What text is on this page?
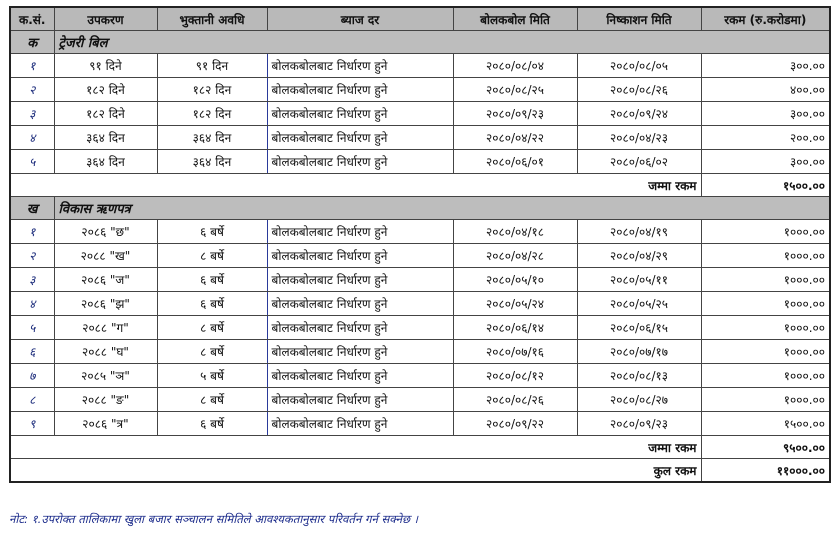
क.सं.	उपकरण	भुक्तानी अवधि	ब्याज दर	बोलकबोल मिति	निष्काशन मिति	रकम (रु.करोडमा)
क	ट्रेजरी बिल					
१	९१ दिने	९१ दिन	बोलकबोलबाट निर्धारण हुने	२०८०/०८/०४	२०८०/०८/०५	३००.००
२	१८२ दिने	१८२ दिन	बोलकबोलबाट निर्धारण हुने	२०८०/०८/२५	२०८०/०८/२६	४००.००
३	१८२ दिने	१८२ दिन	बोलकबोलबाट निर्धारण हुने	२०८०/०९/२३	२०८०/०९/२४	३००.००
४	३६४ दिन	३६४ दिन	बोलकबोलबाट निर्धारण हुने	२०८०/०४/२२	२०८०/०४/२३	२००.००
५	३६४ दिन	३६४ दिन	बोलकबोलबाट निर्धारण हुने	२०८०/०६/०१	२०८०/०६/०२	३००.००
जम्मा रकम						१५००.००
ख	विकास ऋणपत्र					
१	२०८६ "छ"	६ बर्षे	बोलकबोलबाट निर्धारण हुने	२०८०/०४/१८	२०८०/०४/१९	१०००.००
२	२०८८ "ख"	८ बर्षे	बोलकबोलबाट निर्धारण हुने	२०८०/०४/२८	२०८०/०४/२९	१०००.००
३	२०८६ "ज"	६ बर्षे	बोलकबोलबाट निर्धारण हुने	२०८०/०५/१०	२०८०/०५/११	१०००.००
४	२०८६ "झ"	६ बर्षे	बोलकबोलबाट निर्धारण हुने	२०८०/०५/२४	२०८०/०५/२५	१०००.००
५	२०८८ "ग"	८ बर्षे	बोलकबोलबाट निर्धारण हुने	२०८०/०६/१४	२०८०/०६/१५	१०००.००
६	२०८८ "घ"	८ बर्षे	बोलकबोलबाट निर्धारण हुने	२०८०/०७/१६	२०८०/०७/१७	१०००.००
७	२०८५ "ञ"	५ बर्षे	बोलकबोलबाट निर्धारण हुने	२०८०/०८/१२	२०८०/०८/१३	१०००.००
८	२०८८ "ङ"	८ बर्षे	बोलकबोलबाट निर्धारण हुने	२०८०/०८/२६	२०८०/०८/२७	१०००.००
९	२०८६ "त्र"	६ बर्षे	बोलकबोलबाट निर्धारण हुने	२०८०/०९/२२	२०८०/०९/२३	१५००.००
जम्मा रकम						९५००.००
कुल रकम						११०००.००
नोट: १.उपरोक्त तालिकामा खुला बजार सञ्चालन समितिले आवश्यकतानुसार परिवर्तन गर्न सक्नेछ ।
